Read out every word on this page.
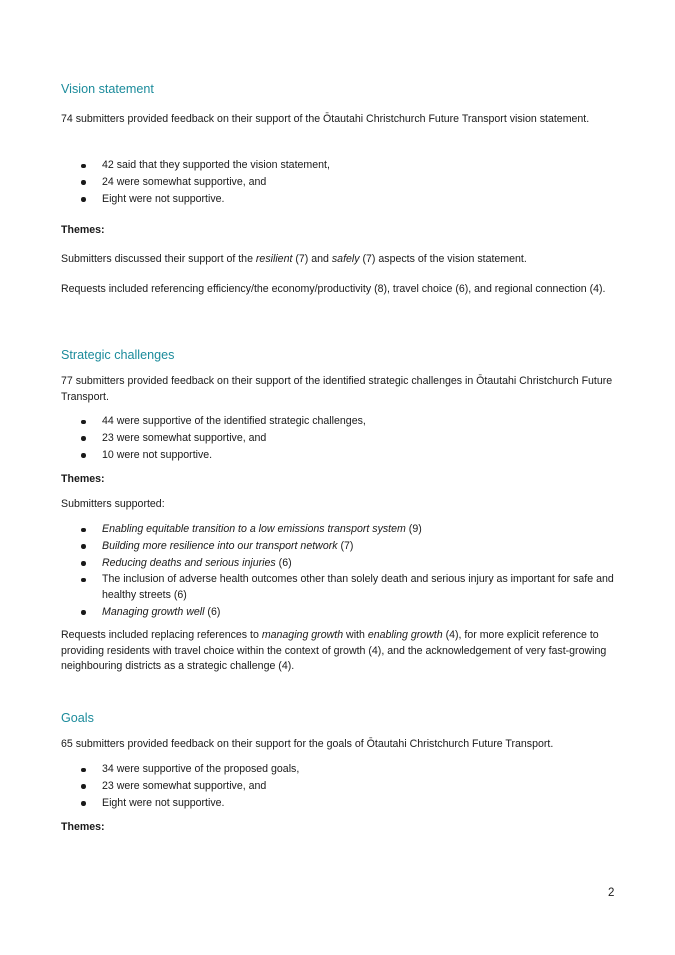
Vision statement

74 submitters provided feedback on their support of the Ōtautahi Christchurch Future Transport vision statement.

42 said that they supported the vision statement,
24 were somewhat supportive, and
Eight were not supportive.

Themes:

Submitters discussed their support of the resilient (7) and safely (7) aspects of the vision statement.

Requests included referencing efficiency/the economy/productivity (8), travel choice (6), and regional connection (4).

Strategic challenges

77 submitters provided feedback on their support of the identified strategic challenges in Ōtautahi Christchurch Future Transport.

44 were supportive of the identified strategic challenges,
23 were somewhat supportive, and
10 were not supportive.

Themes:

Submitters supported:

Enabling equitable transition to a low emissions transport system (9)
Building more resilience into our transport network (7)
Reducing deaths and serious injuries (6)
The inclusion of adverse health outcomes other than solely death and serious injury as important for safe and healthy streets (6)
Managing growth well (6)

Requests included replacing references to managing growth with enabling growth (4), for more explicit reference to providing residents with travel choice within the context of growth (4), and the acknowledgement of very fast-growing neighbouring districts as a strategic challenge (4).

Goals

65 submitters provided feedback on their support for the goals of Ōtautahi Christchurch Future Transport.

34 were supportive of the proposed goals,
23 were somewhat supportive, and
Eight were not supportive.

Themes:

2
